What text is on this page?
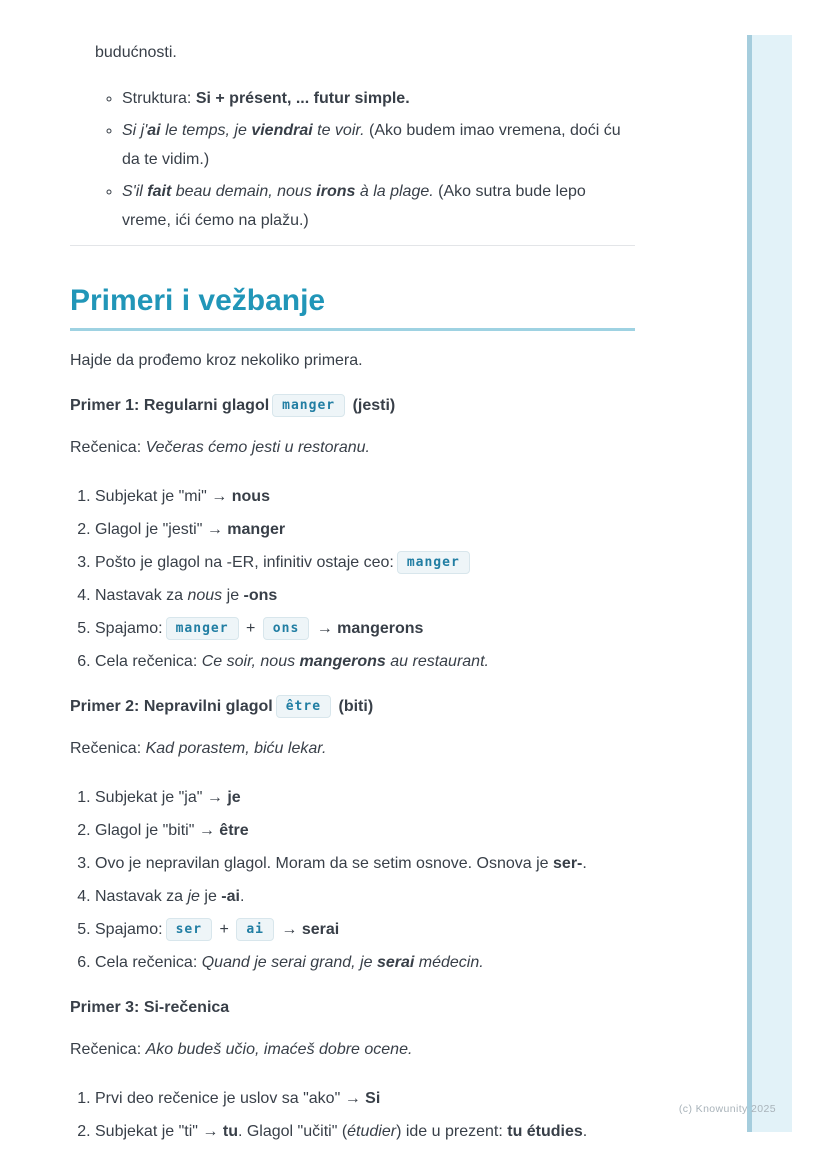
budućnosti.

◦ Struktura: Si + présent, ... futur simple.
◦ Si j'ai le temps, je viendrai te voir. (Ako budem imao vremena, doći ću da te vidim.)
◦ S'il fait beau demain, nous irons à la plage. (Ako sutra bude lepo vreme, ići ćemo na plažu.)
Primeri i vežbanje

Hajde da prođemo kroz nekoliko primera.

Primer 1: Regularni glagol manger (jesti)

Rečenica: Večeras ćemo jesti u restoranu.

1. Subjekat je "mi" → nous
2. Glagol je "jesti" → manger
3. Pošto je glagol na -ER, infinitiv ostaje ceo: manger
4. Nastavak za nous je -ons
5. Spajamo: manger + ons → mangerons
6. Cela rečenica: Ce soir, nous mangerons au restaurant.

Primer 2: Nepravilni glagol être (biti)

Rečenica: Kad porastem, biću lekar.

1. Subjekat je "ja" → je
2. Glagol je "biti" → être
3. Ovo je nepravilan glagol. Moram da se setim osnove. Osnova je ser-.
4. Nastavak za je je -ai.
5. Spajamo: ser + ai → serai
6. Cela rečenica: Quand je serai grand, je serai médecin.

Primer 3: Si-rečenica

Rečenica: Ako budeš učio, imaćeš dobre ocene.

1. Prvi deo rečenice je uslov sa "ako" → Si
2. Subjekat je "ti" → tu. Glagol "učiti" (étudier) ide u prezent: tu étudies.
(c) Knowunity 2025
